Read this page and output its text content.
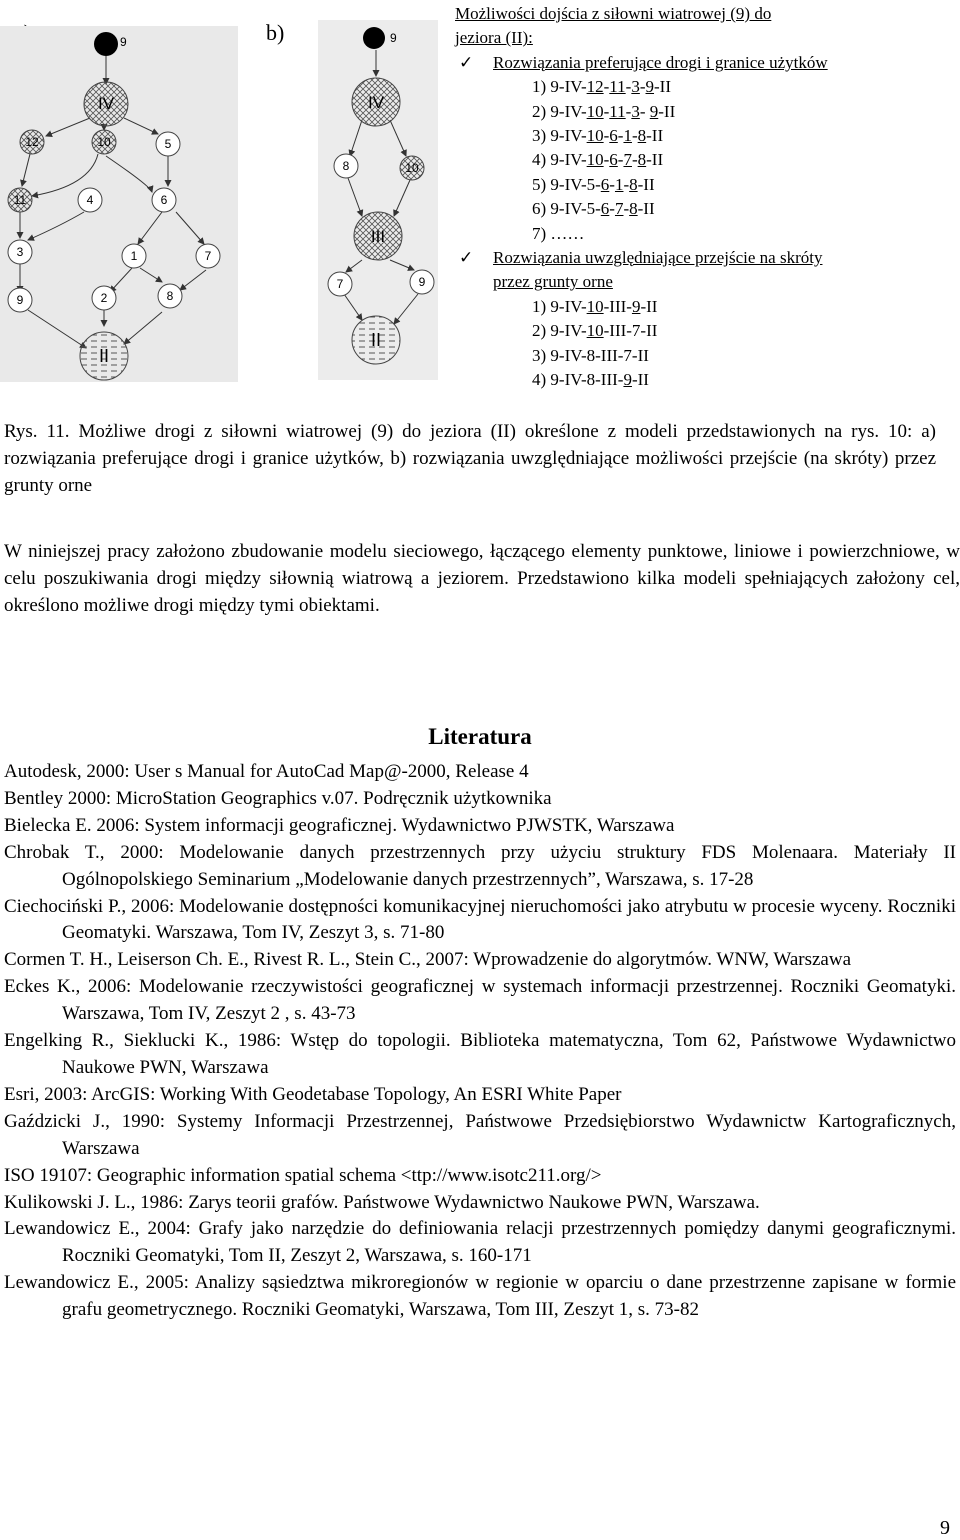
b)
9
IV
12	10	5
11	4	6
3	1	7
9	2	8
II
9
IV
8	10
7	9
III
II
Możliwości dojścia z siłowni wiatrowej (9) do
jeziora (II):
✓ Rozwiązania preferujące drogi i granice użytków
1) 9-IV-12-11-3-9-II
2) 9-IV-10-11-3- 9-II
3) 9-IV-10-6-1-8-II
4) 9-IV-10-6-7-8-II
5) 9-IV-5-6-1-8-II
6) 9-IV-5-6-7-8-II
7) ……
✓ Rozwiązania uwzględniające przejście na skróty
przez grunty orne
1) 9-IV-10-III-9-II
2) 9-IV-10-III-7-II
3) 9-IV-8-III-7-II
4) 9-IV-8-III-9-II
Rys. 11. Możliwe drogi z siłowni wiatrowej (9) do jeziora (II) określone z modeli przedstawionych na rys. 10: a) rozwiązania preferujące drogi i granice użytków, b) rozwiązania uwzględniające możliwości przejście (na skróty) przez grunty orne
W niniejszej pracy założono zbudowanie modelu sieciowego, łączącego elementy punktowe, liniowe i powierzchniowe, w celu poszukiwania drogi między siłownią wiatrową a jeziorem. Przedstawiono kilka modeli spełniających założony cel, określono możliwe drogi między tymi obiektami.
Literatura
Autodesk, 2000: User s Manual for AutoCad Map@-2000, Release 4
Bentley 2000: MicroStation Geographics v.07. Podręcznik użytkownika
Bielecka E. 2006: System informacji geograficznej. Wydawnictwo PJWSTK, Warszawa
Chrobak T., 2000: Modelowanie danych przestrzennych przy użyciu struktury FDS Molenaara. Materiały II Ogólnopolskiego Seminarium „Modelowanie danych przestrzennych”, Warszawa, s. 17-28
Ciechociński P., 2006: Modelowanie dostępności komunikacyjnej nieruchomości jako atrybutu w procesie wyceny. Roczniki Geomatyki. Warszawa, Tom IV, Zeszyt 3, s. 71-80
Cormen T. H., Leiserson Ch. E., Rivest R. L., Stein C., 2007: Wprowadzenie do algorytmów. WNW, Warszawa
Eckes K., 2006: Modelowanie rzeczywistości geograficznej w systemach informacji przestrzennej. Roczniki Geomatyki. Warszawa, Tom IV, Zeszyt 2 , s. 43-73
Engelking R., Sieklucki K., 1986: Wstęp do topologii. Biblioteka matematyczna, Tom 62, Państwowe Wydawnictwo Naukowe PWN, Warszawa
Esri, 2003: ArcGIS: Working With Geodetabase Topology, An ESRI White Paper
Gaździcki J., 1990: Systemy Informacji Przestrzennej, Państwowe Przedsiębiorstwo Wydawnictw Kartograficznych, Warszawa
ISO 19107: Geographic information spatial schema <ttp://www.isotc211.org/>
Kulikowski J. L., 1986: Zarys teorii grafów. Państwowe Wydawnictwo Naukowe PWN, Warszawa.
Lewandowicz E., 2004: Grafy jako narzędzie do definiowania relacji przestrzennych pomiędzy danymi geograficznymi. Roczniki Geomatyki, Tom II, Zeszyt 2, Warszawa, s. 160-171
Lewandowicz E., 2005: Analizy sąsiedztwa mikroregionów w regionie w oparciu o dane przestrzenne zapisane w formie grafu geometrycznego. Roczniki Geomatyki, Warszawa, Tom III, Zeszyt 1, s. 73-82
9
